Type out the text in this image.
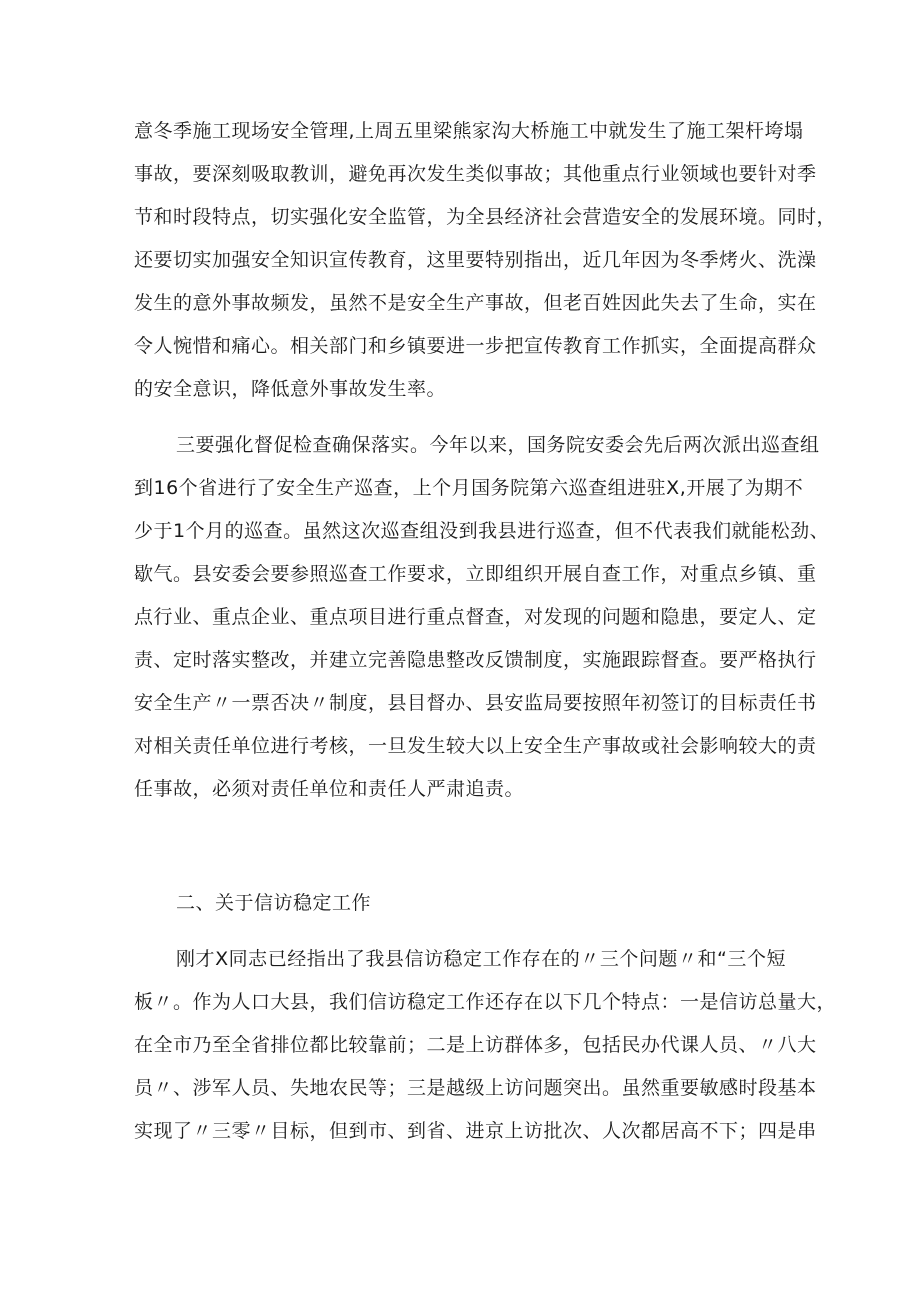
意冬季施工现场安全管理,上周五里梁熊家沟大桥施工中就发生了施工架杆垮塌
事故，要深刻吸取教训，避免再次发生类似事故；其他重点行业领域也要针对季
节和时段特点，切实强化安全监管，为全县经济社会营造安全的发展环境。同时，
还要切实加强安全知识宣传教育，这里要特别指出，近几年因为冬季烤火、洗澡
发生的意外事故频发，虽然不是安全生产事故，但老百姓因此失去了生命，实在
令人惋惜和痛心。相关部门和乡镇要进一步把宣传教育工作抓实，全面提高群众
的安全意识，降低意外事故发生率。
三要强化督促检查确保落实。今年以来，国务院安委会先后两次派出巡查组
到16个省进行了安全生产巡查，上个月国务院第六巡查组进驻X,开展了为期不
少于1个月的巡查。虽然这次巡查组没到我县进行巡查，但不代表我们就能松劲、
歇气。县安委会要参照巡查工作要求，立即组织开展自查工作，对重点乡镇、重
点行业、重点企业、重点项目进行重点督查，对发现的问题和隐患，要定人、定
责、定时落实整改，并建立完善隐患整改反馈制度，实施跟踪督查。要严格执行
安全生产〃一票否决〃制度，县目督办、县安监局要按照年初签订的目标责任书
对相关责任单位进行考核，一旦发生较大以上安全生产事故或社会影响较大的责
任事故，必须对责任单位和责任人严肃追责。
二、关于信访稳定工作
刚才X同志已经指出了我县信访稳定工作存在的〃三个问题〃和“三个短
板〃。作为人口大县，我们信访稳定工作还存在以下几个特点：一是信访总量大，
在全市乃至全省排位都比较靠前；二是上访群体多，包括民办代课人员、〃八大
员〃、涉军人员、失地农民等；三是越级上访问题突出。虽然重要敏感时段基本
实现了〃三零〃目标，但到市、到省、进京上访批次、人次都居高不下；四是串
